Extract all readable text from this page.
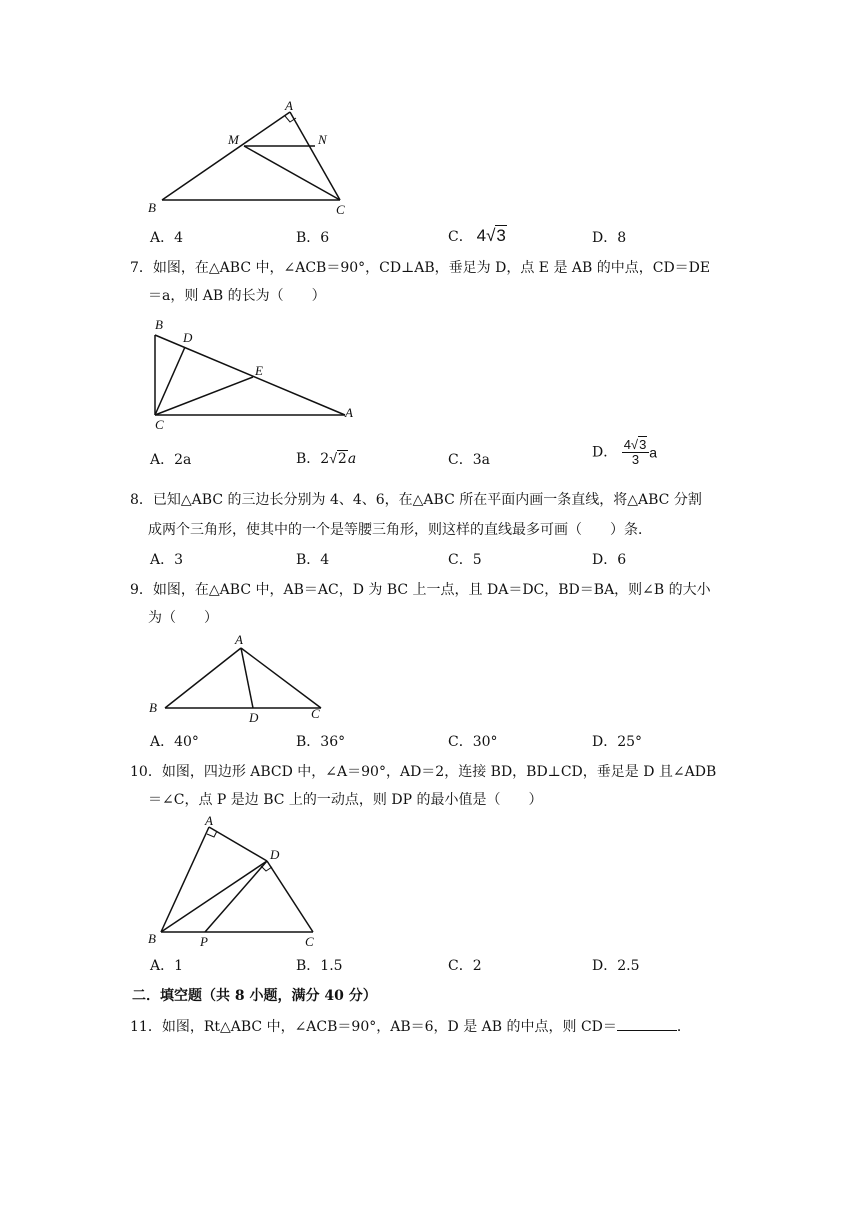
A
M	N
B	C
A．4	B．6	C． 4√3	D．8
7．如图，在△ABC 中，∠ACB＝90°，CD⊥AB，垂足为 D，点 E 是 AB 的中点，CD＝DE
＝a，则 AB 的长为（　　）
B
D
E
C
A
A．2a	B．2√2a	C．3a	D． $\frac{4√3}{3}$ a
8．已知△ABC 的三边长分别为 4、4、6，在△ABC 所在平面内画一条直线，将△ABC 分割
成两个三角形，使其中的一个是等腰三角形，则这样的直线最多可画（　　）条．
A．3	B．4	C．5	D．6
9．如图，在△ABC 中，AB＝AC，D 为 BC 上一点，且 DA＝DC，BD＝BA，则∠B 的大小
为（　　）
A
B
D	C
A．40°	B．36°	C．30°	D．25°
10．如图，四边形 ABCD 中，∠A＝90°，AD＝2，连接 BD，BD⊥CD，垂足是 D 且∠ADB
＝∠C，点 P 是边 BC 上的一动点，则 DP 的最小值是（　　）
A
D
B	P	C
A．1	B．1.5	C．2	D．2.5
二．填空题（共 8 小题，满分 40 分）
11．如图，Rt△ABC 中，∠ACB＝90°，AB＝6，D 是 AB 的中点，则 CD＝	．
